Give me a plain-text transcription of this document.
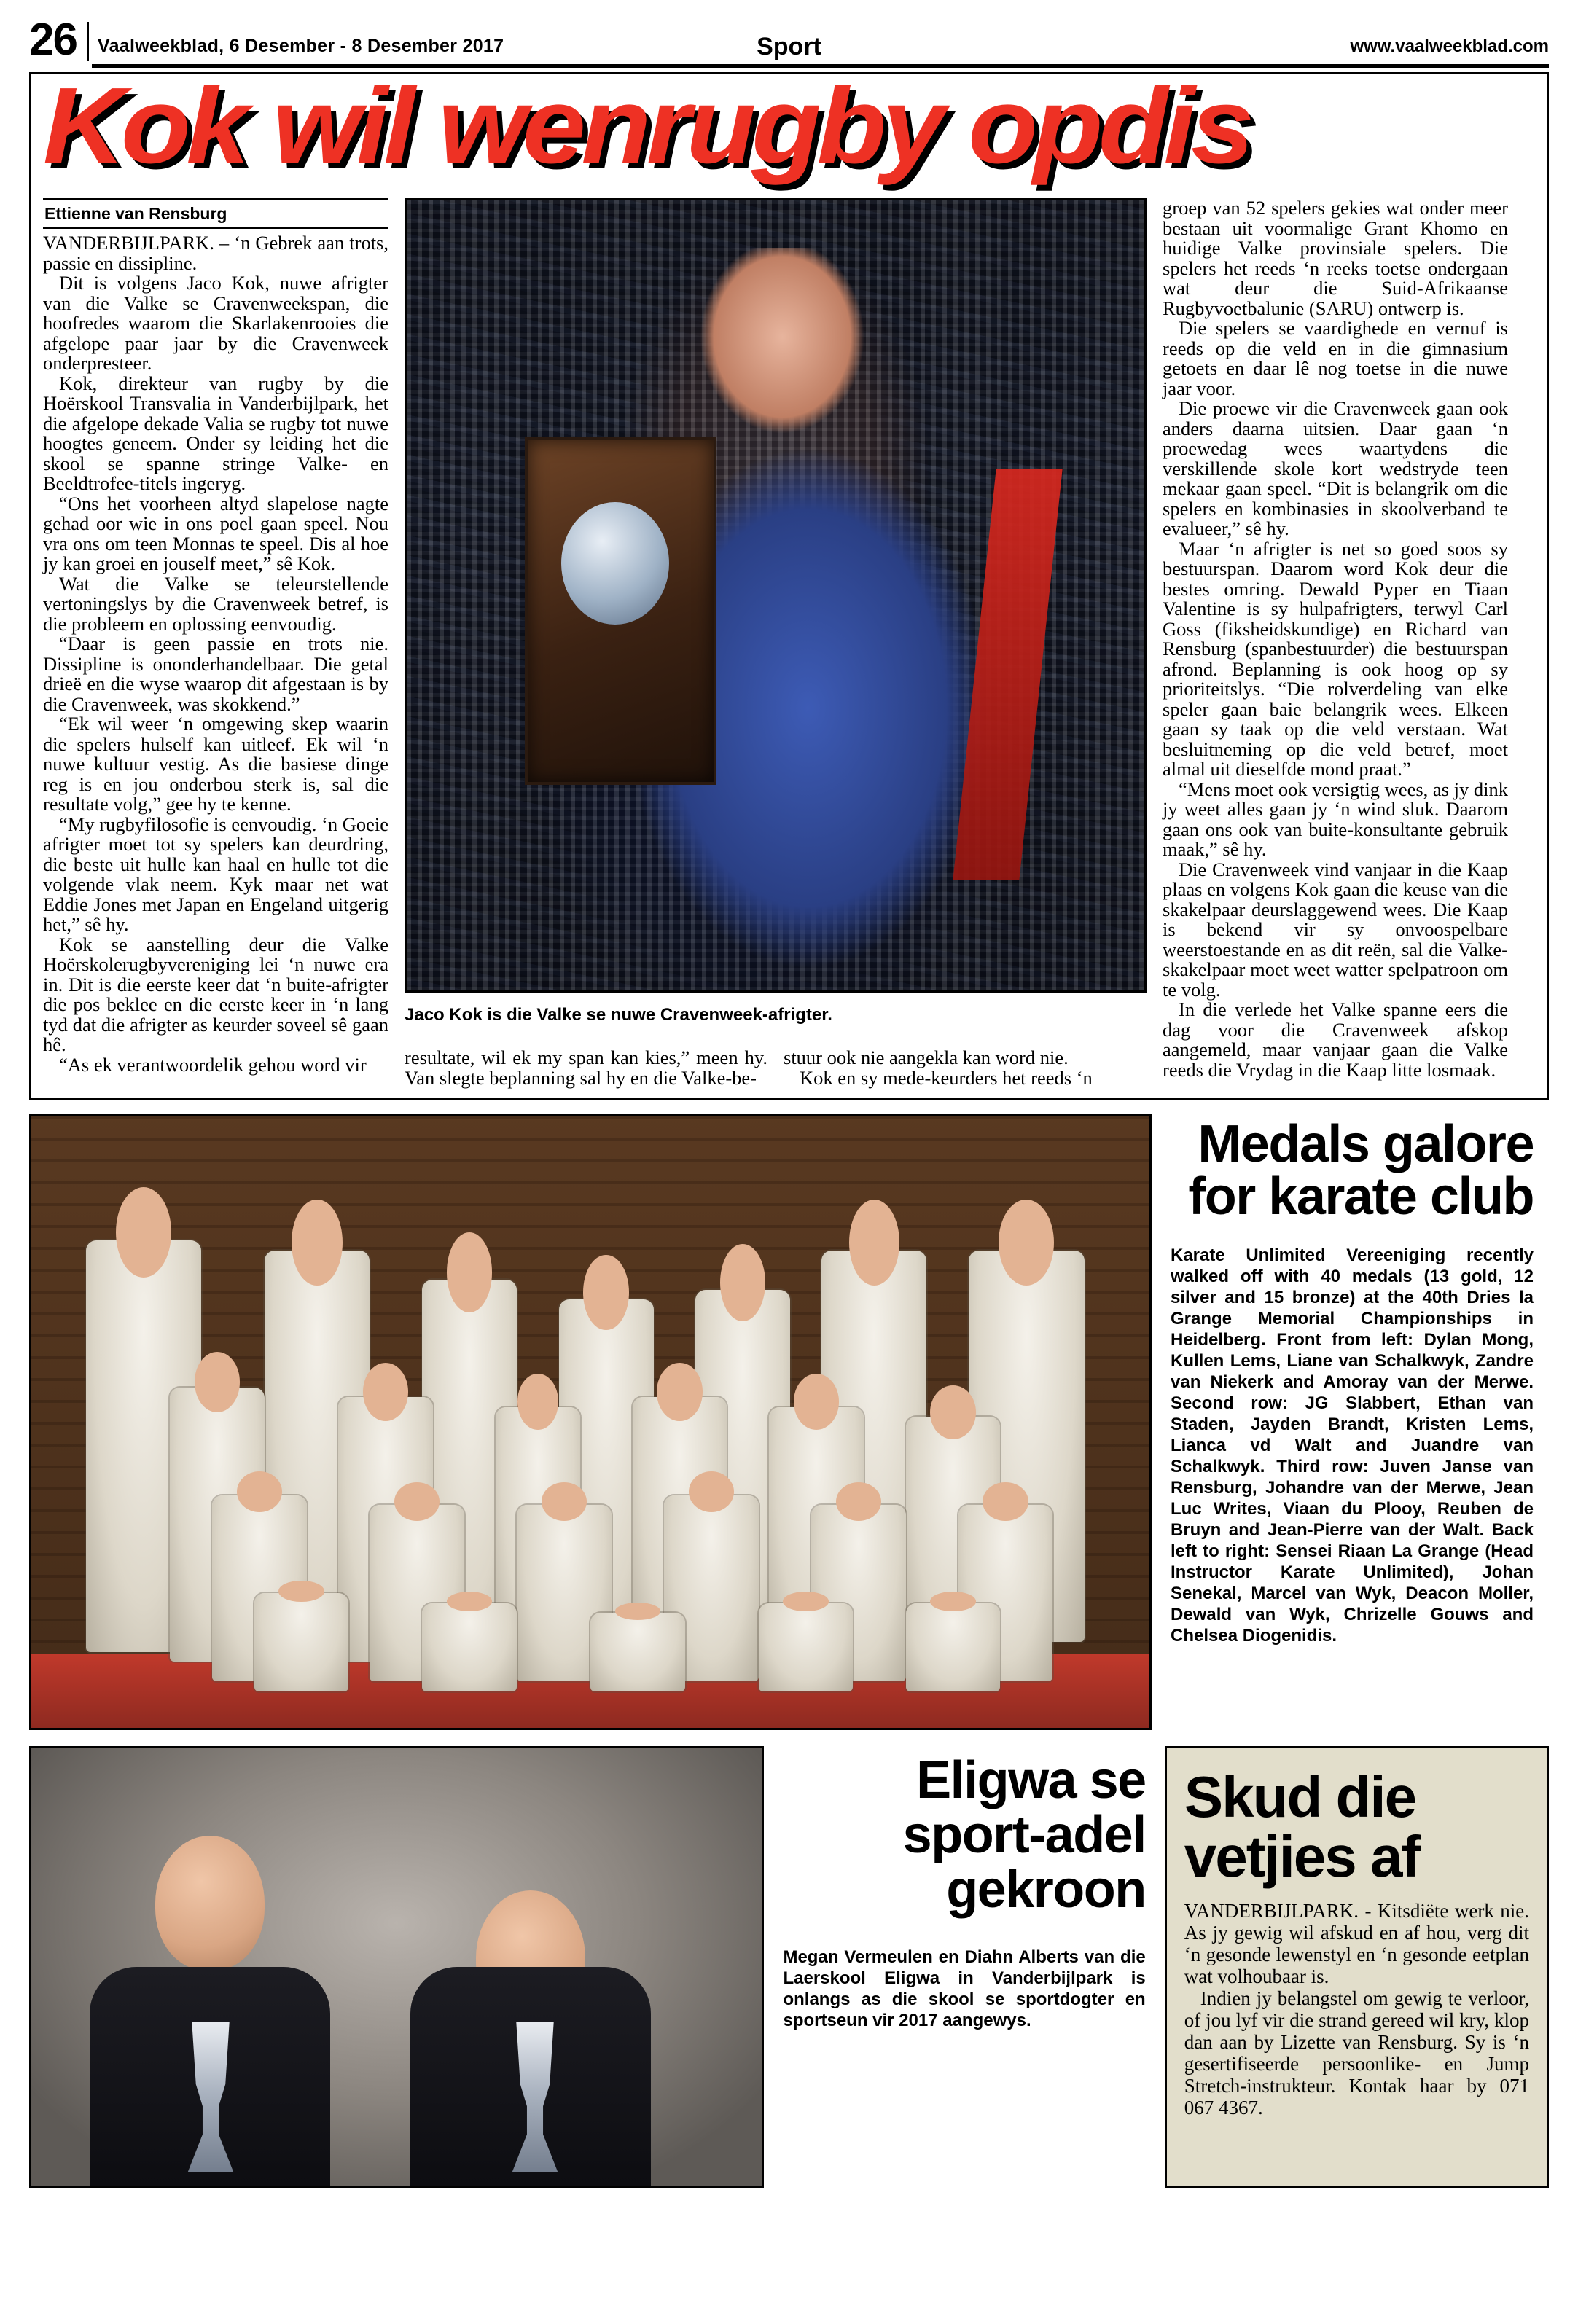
26	Vaalweekblad, 6 Desember - 8 Desember 2017	Sport	www.vaalweekblad.com
Kok wil wenrugby opdis
Ettienne van Rensburg

VANDERBIJLPARK. – ‘n Gebrek aan trots, passie en dissipline.

Dit is volgens Jaco Kok, nuwe afrigter van die Valke se Cravenweekspan, die hoofredes waarom die Skarlakenrooies die afgelope paar jaar by die Cravenweek onderpresteer.

Kok, direkteur van rugby by die Hoërskool Transvalia in Vanderbijlpark, het die afgelope dekade Valia se rugby tot nuwe hoogtes geneem. Onder sy leiding het die skool se spanne stringe Valke- en Beeldtrofee-titels ingeryg.

“Ons het voorheen altyd slapelose nagte gehad oor wie in ons poel gaan speel. Nou vra ons om teen Monnas te speel. Dis al hoe jy kan groei en jouself meet,” sê Kok.

Wat die Valke se teleurstellende vertoningslys by die Cravenweek betref, is die probleem en oplossing eenvoudig.

“Daar is geen passie en trots nie. Dissipline is ononderhandelbaar. Die getal drieë en die wyse waarop dit afgestaan is by die Cravenweek, was skokkend.”

“Ek wil weer ‘n omgewing skep waarin die spelers hulself kan uitleef. Ek wil ‘n nuwe kultuur vestig. As die basiese dinge reg is en jou onderbou sterk is, sal die resultate volg,” gee hy te kenne.

“My rugbyfilosofie is eenvoudig. ‘n Goeie afrigter moet tot sy spelers kan deurdring, die beste uit hulle kan haal en hulle tot die volgende vlak neem. Kyk maar net wat Eddie Jones met Japan en Engeland uitgerig het,” sê hy.

Kok se aanstelling deur die Valke Hoërskolerugbyvereniging lei ‘n nuwe era in. Dit is die eerste keer dat ‘n buite-afrigter die pos beklee en die eerste keer in ‘n lang tyd dat die afrigter as keurder soveel sê gaan hê.

“As ek verantwoordelik gehou word vir

Jaco Kok is die Valke se nuwe Cravenweek-afrigter.

resultate, wil ek my span kan kies,” meen hy. Van slegte beplanning sal hy en die Valke-be-

stuur ook nie aangekla kan word nie.

Kok en sy mede-keurders het reeds ‘n

groep van 52 spelers gekies wat onder meer bestaan uit voormalige Grant Khomo en huidige Valke provinsiale spelers. Die spelers het reeds ‘n reeks toetse ondergaan wat deur die Suid-Afrikaanse Rugbyvoetbalunie (SARU) ontwerp is.

Die spelers se vaardighede en vernuf is reeds op die veld en in die gimnasium getoets en daar lê nog toetse in die nuwe jaar voor.

Die proewe vir die Cravenweek gaan ook anders daarna uitsien. Daar gaan ‘n proewedag wees waartydens die verskillende skole kort wedstryde teen mekaar gaan speel. “Dit is belangrik om die spelers en kombinasies in skoolverband te evalueer,” sê hy.

Maar ‘n afrigter is net so goed soos sy bestuurspan. Daarom word Kok deur die bestes omring. Dewald Pyper en Tiaan Valentine is sy hulpafrigters, terwyl Carl Goss (fiksheidskundige) en Richard van Rensburg (spanbestuurder) die bestuurspan afrond. Beplanning is ook hoog op sy prioriteitslys. “Die rolverdeling van elke speler gaan baie belangrik wees. Elkeen gaan sy taak op die veld verstaan. Wat besluitneming op die veld betref, moet almal uit dieselfde mond praat.”

“Mens moet ook versigtig wees, as jy dink jy weet alles gaan jy ‘n wind sluk. Daarom gaan ons ook van buite-konsultante gebruik maak,” sê hy.

Die Cravenweek vind vanjaar in die Kaap plaas en volgens Kok gaan die keuse van die skakelpaar deurslaggewend wees. Die Kaap is bekend vir sy onvoospelbare weerstoestande en as dit reën, sal die Valke-skakelpaar moet weet watter spelpatroon om te volg.

In die verlede het Valke spanne eers die dag voor die Cravenweek afskop aangemeld, maar vanjaar gaan die Valke reeds die Vrydag in die Kaap litte losmaak.

Medals galore for karate club

Karate Unlimited Vereeniging recently walked off with 40 medals (13 gold, 12 silver and 15 bronze) at the 40th Dries la Grange Memorial Championships in Heidelberg. Front from left: Dylan Mong, Kullen Lems, Liane van Schalkwyk, Zandre van Niekerk and Amoray van der Merwe. Second row: JG Slabbert, Ethan van Staden, Jayden Brandt, Kristen Lems, Lianca vd Walt and Juandre van Schalkwyk. Third row: Juven Janse van Rensburg, Johandre van der Merwe, Jean Luc Writes, Viaan du Plooy, Reuben de Bruyn and Jean-Pierre van der Walt. Back left to right: Sensei Riaan La Grange (Head Instructor Karate Unlimited), Johan Senekal, Marcel van Wyk, Deacon Moller, Dewald van Wyk, Chrizelle Gouws and Chelsea Diogenidis.

Eligwa se sport-adel gekroon

Megan Vermeulen en Diahn Alberts van die Laerskool Eligwa in Vanderbijlpark is onlangs as die skool se sportdogter en sportseun vir 2017 aangewys.

Skud die vetjies af

VANDERBIJLPARK. - Kitsdiëte werk nie. As jy gewig wil afskud en af hou, verg dit ‘n gesonde lewenstyl en ‘n gesonde eetplan wat volhoubaar is.

Indien jy belangstel om gewig te verloor, of jou lyf vir die strand gereed wil kry, klop dan aan by Lizette van Rensburg. Sy is ‘n gesertifiseerde persoonlike- en Jump Stretch-instrukteur. Kontak haar by 071 067 4367.
